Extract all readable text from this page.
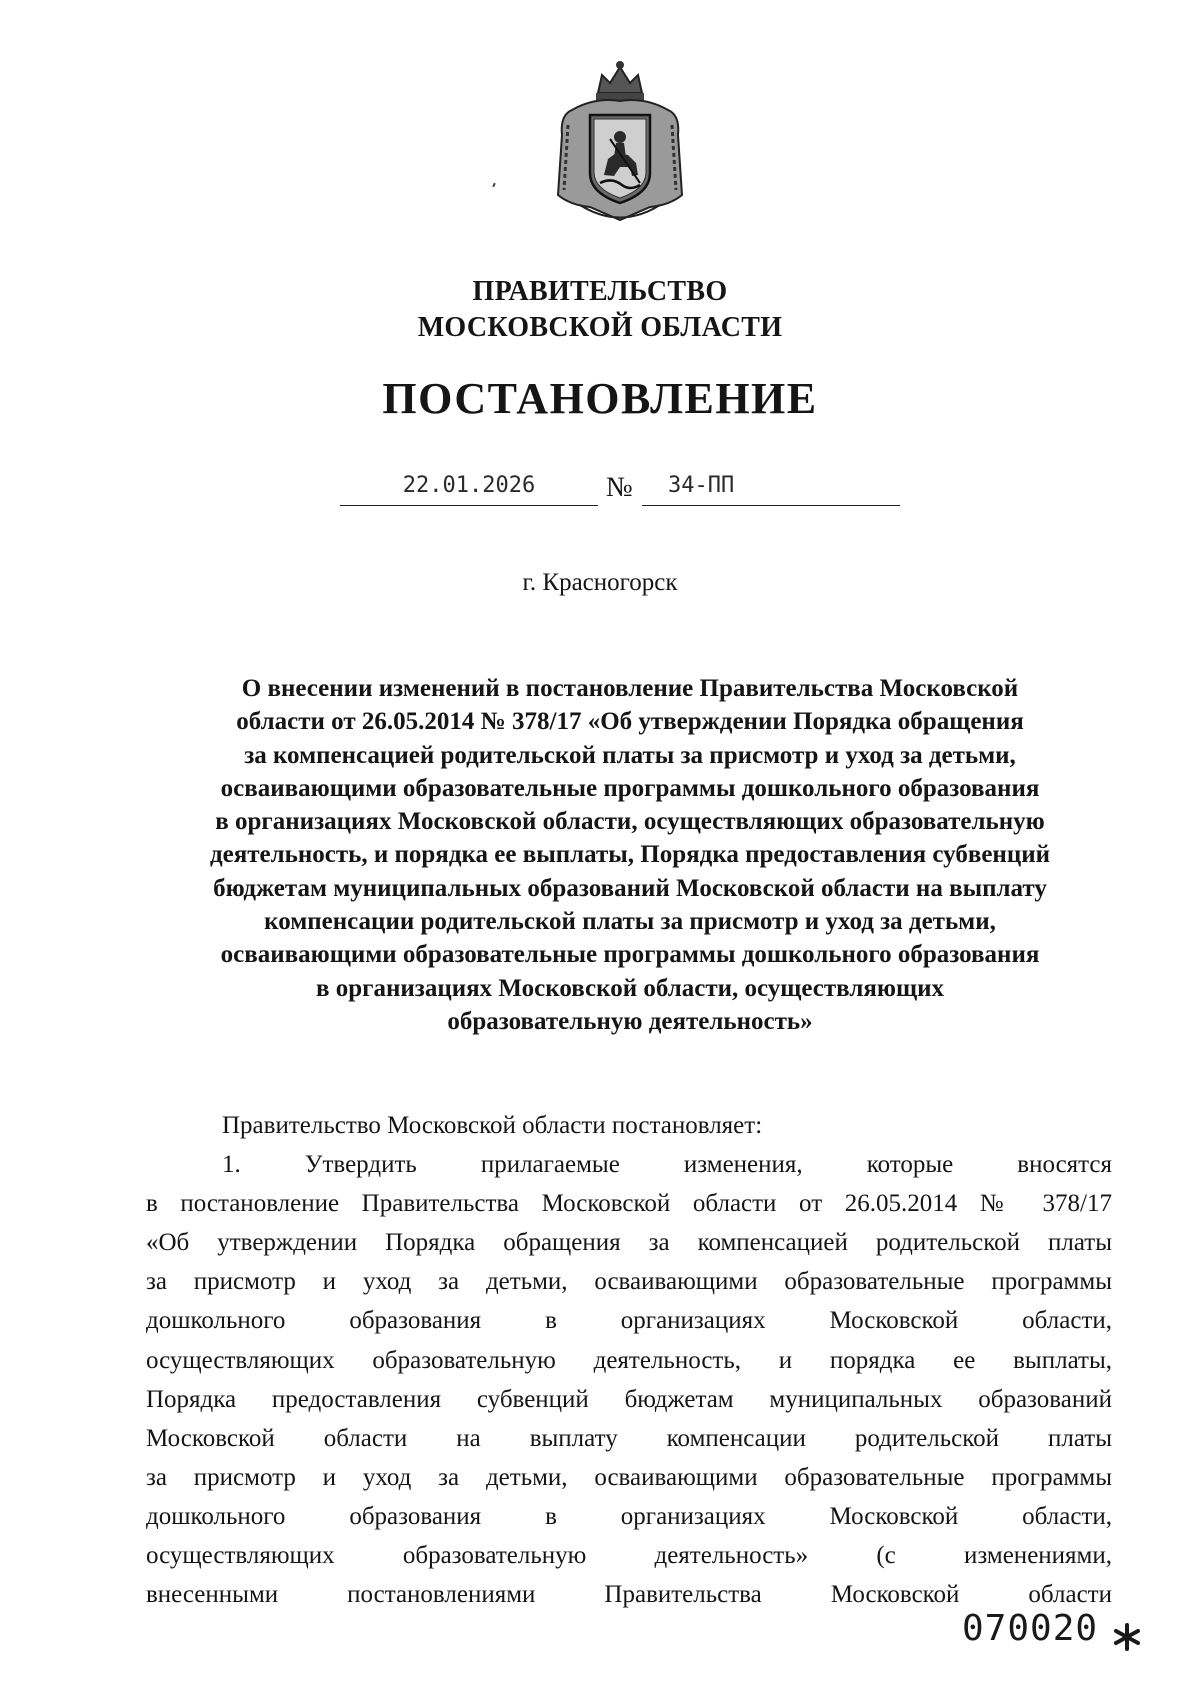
ПРАВИТЕЛЬСТВО
МОСКОВСКОЙ ОБЛАСТИ
ПОСТАНОВЛЕНИЕ
22.01.2026	№	34-ПП
г. Красногорск

О внесении изменений в постановление Правительства Московской
области от 26.05.2014 № 378/17 «Об утверждении Порядка обращения
за компенсацией родительской платы за присмотр и уход за детьми,
осваивающими образовательные программы дошкольного образования
в организациях Московской области, осуществляющих образовательную
деятельность, и порядка ее выплаты, Порядка предоставления субвенций
бюджетам муниципальных образований Московской области на выплату
компенсации родительской платы за присмотр и уход за детьми,
осваивающими образовательные программы дошкольного образования
в организациях Московской области, осуществляющих
образовательную деятельность»

Правительство Московской области постановляет:
1. Утвердить прилагаемые изменения, которые вносятся
в постановление Правительства Московской области от 26.05.2014 № 378/17
«Об утверждении Порядка обращения за компенсацией родительской платы
за присмотр и уход за детьми, осваивающими образовательные программы
дошкольного образования в организациях Московской области,
осуществляющих образовательную деятельность, и порядка ее выплаты,
Порядка предоставления субвенций бюджетам муниципальных образований
Московской области на выплату компенсации родительской платы
за присмотр и уход за детьми, осваивающими образовательные программы
дошкольного образования в организациях Московской области,
осуществляющих образовательную деятельность» (с изменениями,
внесенными постановлениями Правительства Московской области
070020
